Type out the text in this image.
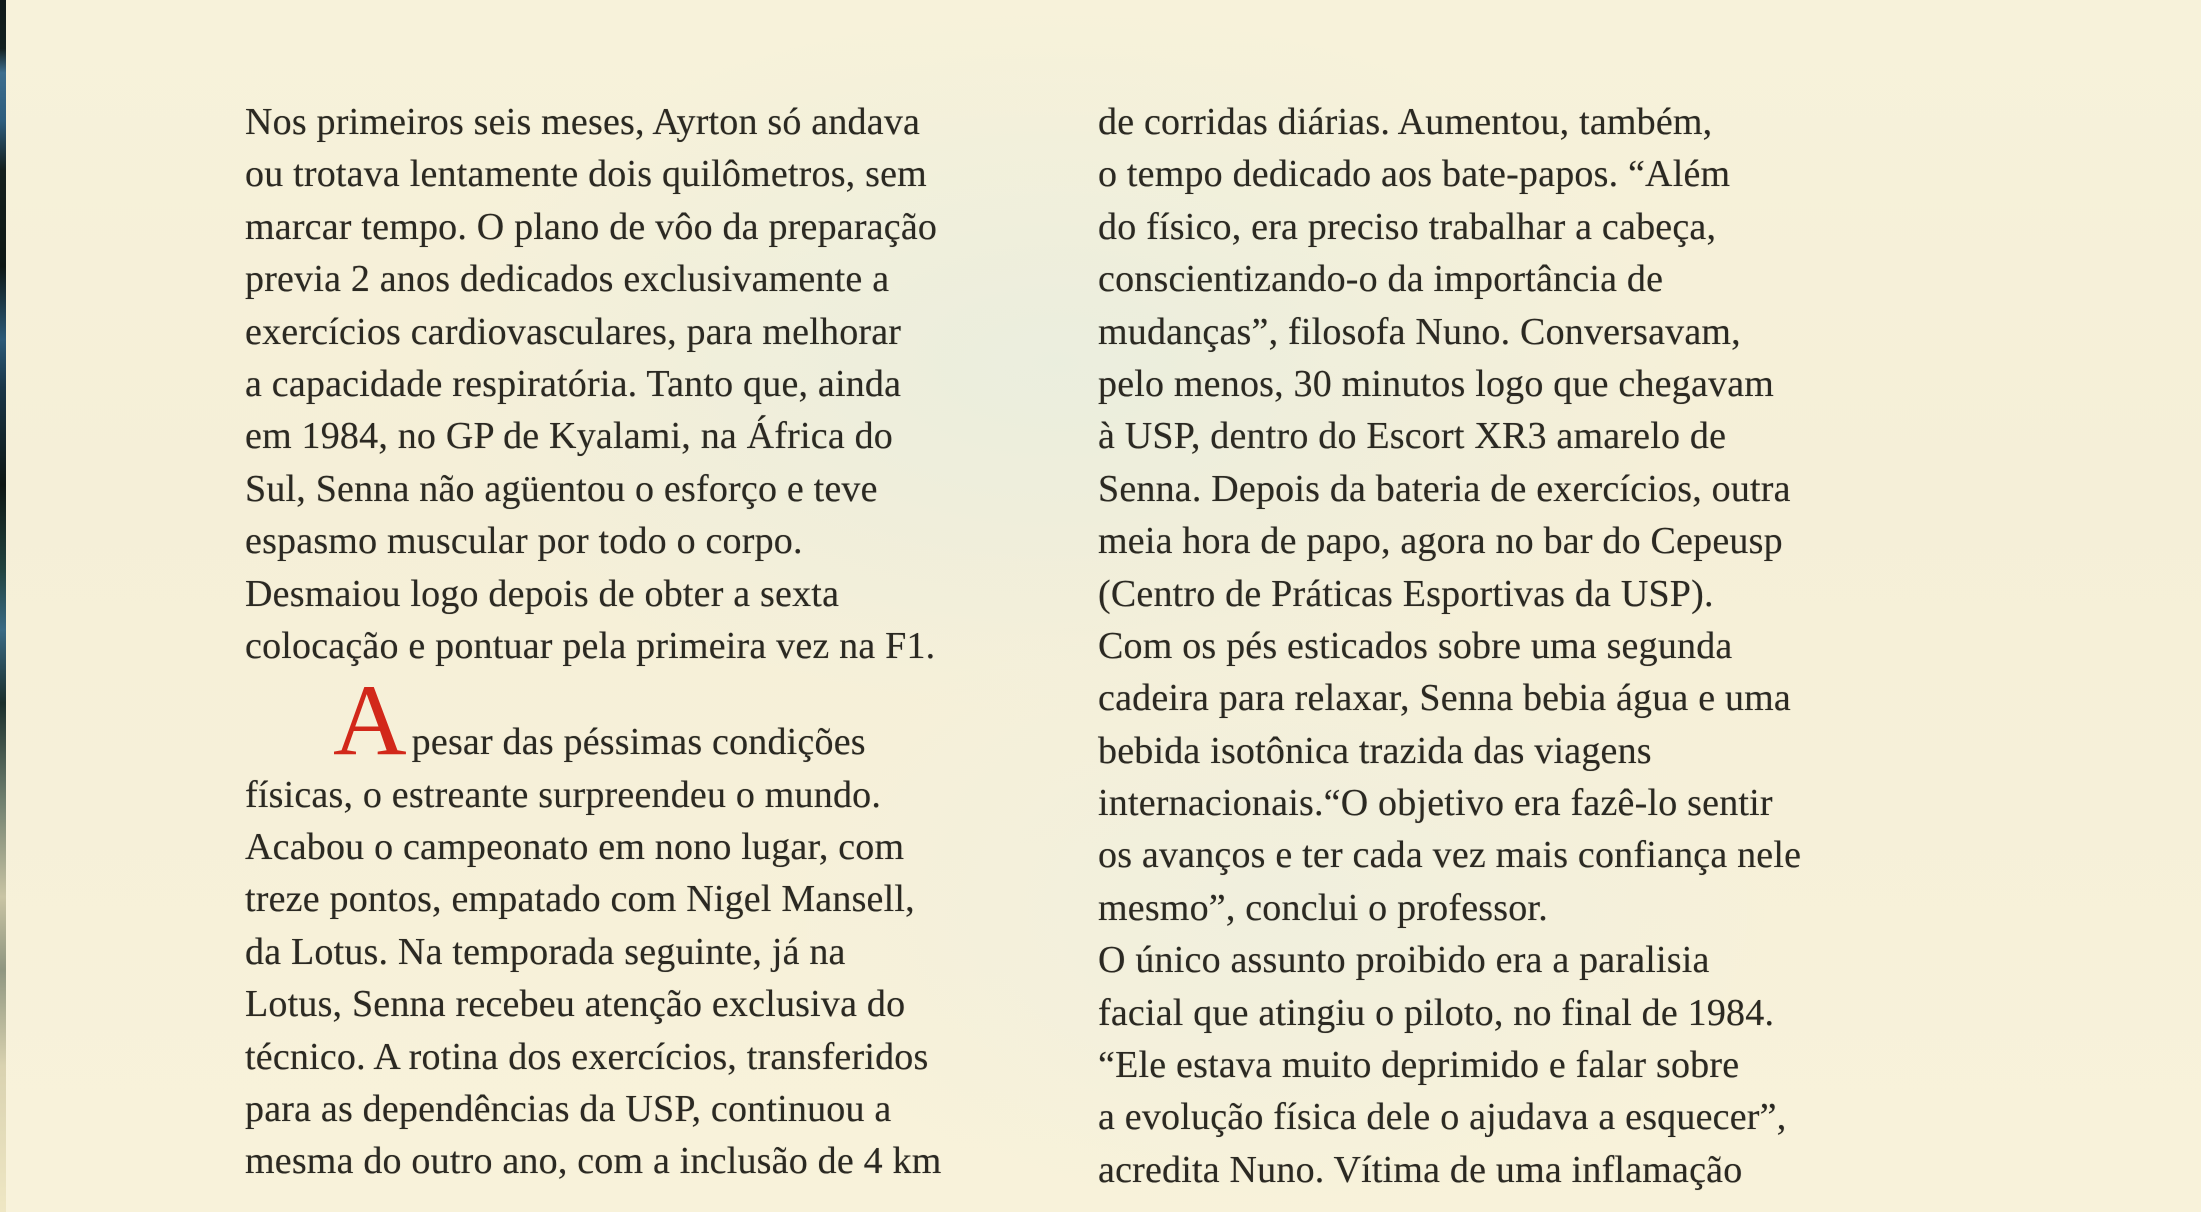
Nos primeiros seis meses, Ayrton só andava
ou trotava lentamente dois quilômetros, sem
marcar tempo. O plano de vôo da preparação
previa 2 anos dedicados exclusivamente a
exercícios cardiovasculares, para melhorar
a capacidade respiratória. Tanto que, ainda
em 1984, no GP de Kyalami, na África do
Sul, Senna não agüentou o esforço e teve
espasmo muscular por todo o corpo.
Desmaiou logo depois de obter a sexta
colocação e pontuar pela primeira vez na F1.
A pesar das péssimas condições
físicas, o estreante surpreendeu o mundo.
Acabou o campeonato em nono lugar, com
treze pontos, empatado com Nigel Mansell,
da Lotus. Na temporada seguinte, já na
Lotus, Senna recebeu atenção exclusiva do
técnico. A rotina dos exercícios, transferidos
para as dependências da USP, continuou a
mesma do outro ano, com a inclusão de 4 km
de corridas diárias. Aumentou, também,
o tempo dedicado aos bate-papos. “Além
do físico, era preciso trabalhar a cabeça,
conscientizando-o da importância de
mudanças”, filosofa Nuno. Conversavam,
pelo menos, 30 minutos logo que chegavam
à USP, dentro do Escort XR3 amarelo de
Senna. Depois da bateria de exercícios, outra
meia hora de papo, agora no bar do Cepeusp
(Centro de Práticas Esportivas da USP).
Com os pés esticados sobre uma segunda
cadeira para relaxar, Senna bebia água e uma
bebida isotônica trazida das viagens
internacionais.“O objetivo era fazê-lo sentir
os avanços e ter cada vez mais confiança nele
mesmo”, conclui o professor.
O único assunto proibido era a paralisia
facial que atingiu o piloto, no final de 1984.
“Ele estava muito deprimido e falar sobre
a evolução física dele o ajudava a esquecer”,
acredita Nuno. Vítima de uma inflamação
